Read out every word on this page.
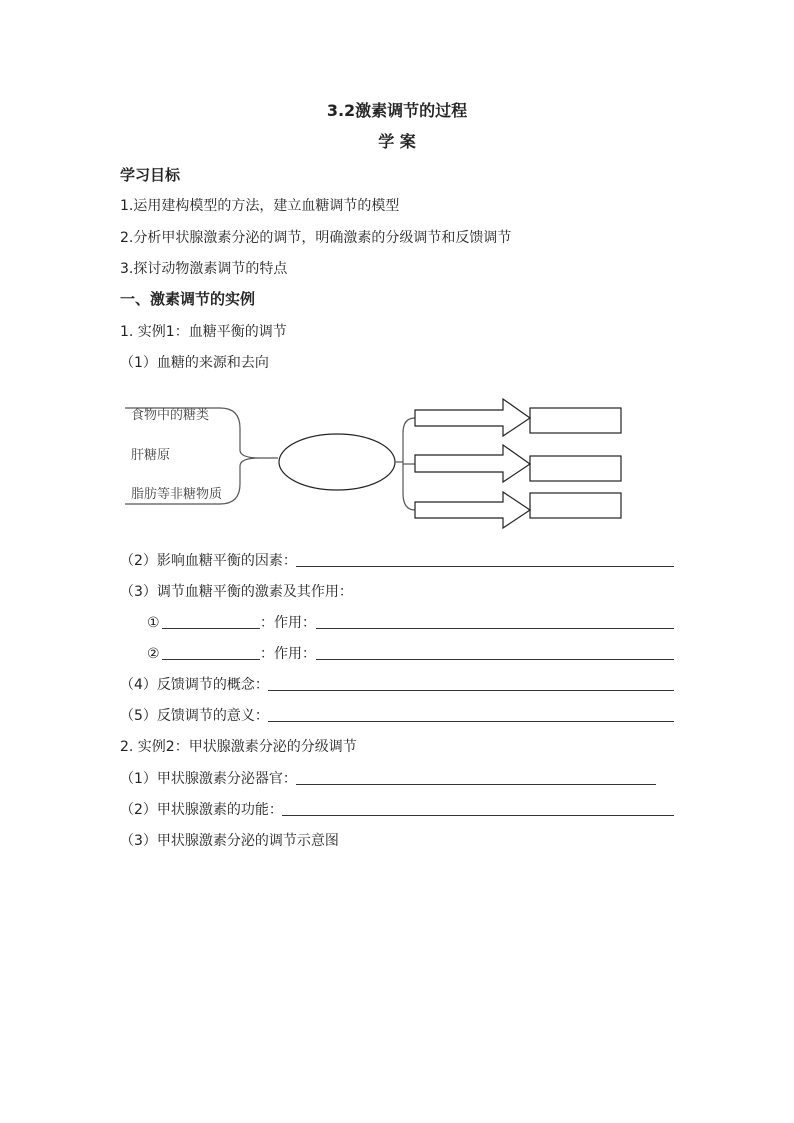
3.2激素调节的过程
学 案
学习目标
1.运用建构模型的方法，建立血糖调节的模型
2.分析甲状腺激素分泌的调节，明确激素的分级调节和反馈调节
3.探讨动物激素调节的特点
一、激素调节的实例
1. 实例1：血糖平衡的调节
（1）血糖的来源和去向
食物中的糖类
肝糖原
脂肪等非糖物质
（2）影响血糖平衡的因素：
（3）调节血糖平衡的激素及其作用：
①	：作用：
②	：作用：
（4）反馈调节的概念：
（5）反馈调节的意义：
2. 实例2：甲状腺激素分泌的分级调节
（1）甲状腺激素分泌器官：
（2）甲状腺激素的功能：
（3）甲状腺激素分泌的调节示意图
